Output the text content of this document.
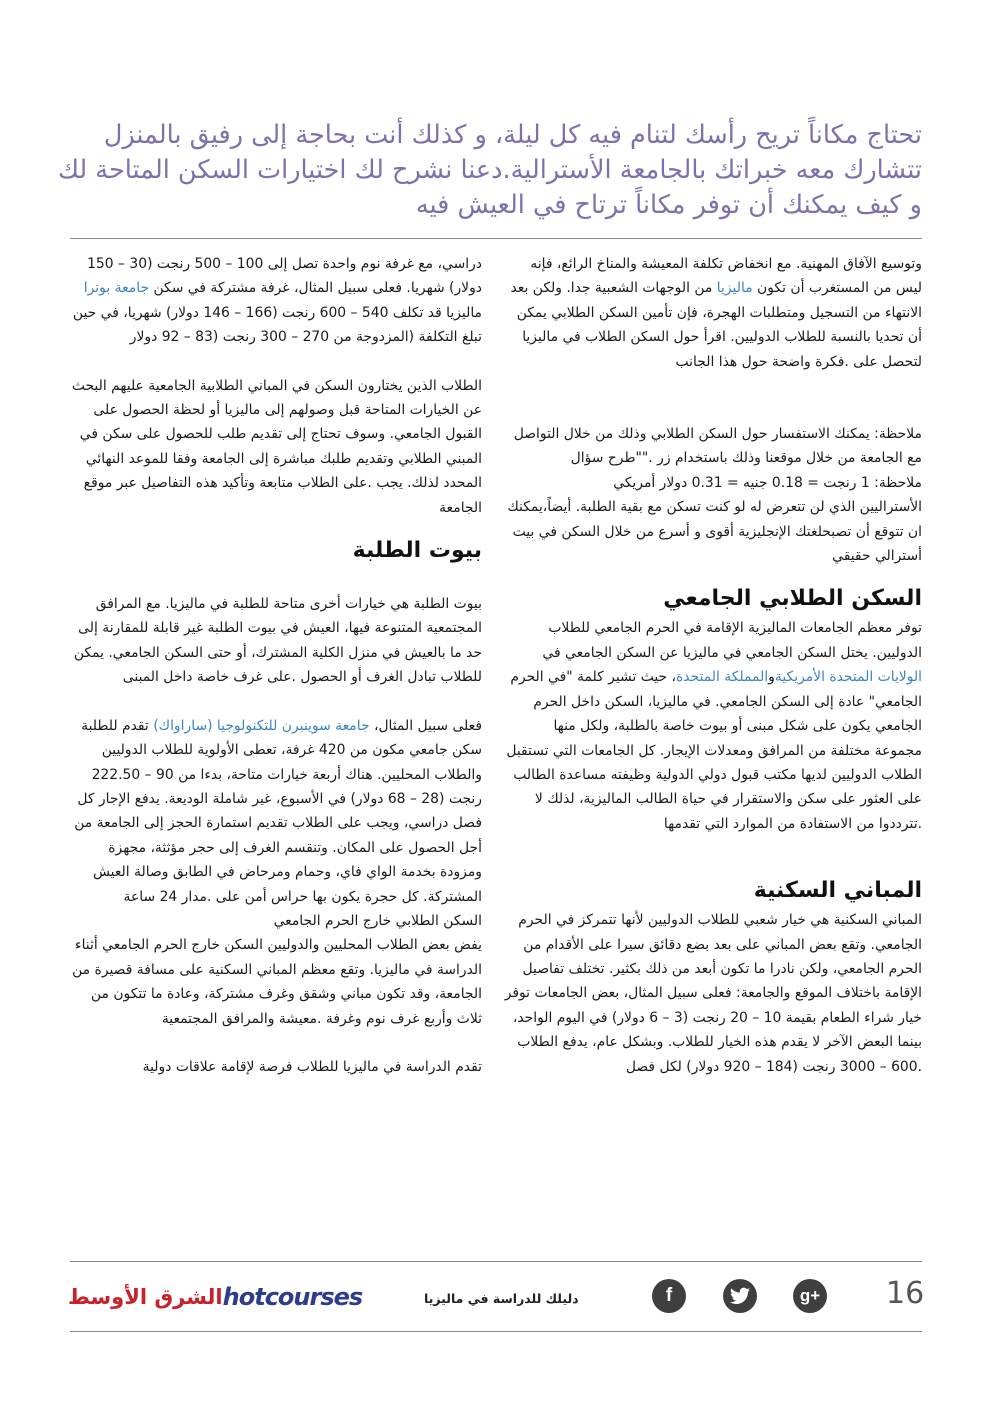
تحتاج مكاناً تريح رأسك لتنام فيه كل ليلة، و كذلك أنت بحاجة إلى رفيق بالمنزل

تتشارك معه خبراتك بالجامعة الأسترالية.دعنا نشرح لك اختيارات السكن المتاحة لك

و كيف يمكنك أن توفر مكاناً ترتاح في العيش فيه

وتوسيع الآفاق المهنية. مع انخفاض تكلفة المعيشة والمناخ الرائع، فإنه ليس من المستغرب أن تكون ماليزيا من الوجهات الشعبية جدا. ولكن بعد الانتهاء من التسجيل ومتطلبات الهجرة، فإن تأمين السكن الطلابي يمكن أن تحديا بالنسبة للطلاب الدوليين. اقرأ حول السكن الطلاب في ماليزيا لتحصل على .فكرة واضحة حول هذا الجانب

ملاحظة: يمكنك الاستفسار حول السكن الطلابي وذلك من خلال التواصل مع الجامعة من خلال موقعنا وذلك باستخدام زر .""طرح سؤال

ملاحظة: 1 رنجت = 0.18 جنيه = 0.31 دولار أمريكي

الأستراليين الذي لن تتعرض له لو كنت تسكن مع بقية الطلبة. أيضاً،يمكنك ان تتوقع أن تصبحلغتك الإنجليزية أقوى و أسرع من خلال السكن في بيت أسترالي حقيقي

السكن الطلابي الجامعي

توفر معظم الجامعات الماليزية الإقامة في الحرم الجامعي للطلاب الدوليين. يختل السكن الجامعي في ماليزيا عن السكن الجامعي في الولايات المتحدة الأمريكيةوالمملكة المتحدة، حيث تشير كلمة "في الحرم الجامعي" عادة إلى السكن الجامعي. في ماليزيا، السكن داخل الحرم الجامعي يكون على شكل مبنى أو بيوت خاصة بالطلبة، ولكل منها مجموعة مختلفة من المرافق ومعدلات الإيجار. كل الجامعات التي تستقبل الطلاب الدوليين لديها مكتب قبول دولي الدولية وظيفته مساعدة الطالب على العثور على سكن والاستقرار في حياة الطالب الماليزية، لذلك لا .تترددوا من الاستفادة من الموارد التي تقدمها

المباني السكنية

المباني السكنية هي خيار شعبي للطلاب الدوليين لأنها تتمركز في الحرم الجامعي. وتقع بعض المباني على بعد بضع دقائق سيرا على الأقدام من الحرم الجامعي، ولكن نادرا ما تكون أبعد من ذلك بكثير. تختلف تفاصيل الإقامة باختلاف الموقع والجامعة: فعلى سبيل المثال، بعض الجامعات توفر خيار شراء الطعام بقيمة 10 – 20 رنجت (3 – 6 دولار) في اليوم الواحد، بينما البعض الآخر لا يقدم هذه الخيار للطلاب. وبشكل عام، يدفع الطلاب .600 – 3000 رنجت (184 – 920 دولار) لكل فصل

دراسي، مع غرفة نوم واحدة تصل إلى 100 – 500 رنجت (30 – 150 دولار) شهريا. فعلى سبيل المثال، غرفة مشتركة في سكن جامعة بوترا ماليزيا قد تكلف 540 – 600 رنجت (166 – 146 دولار) شهريا، في حين تبلغ التكلفة (المزدوجة من 270 – 300 رنجت (83 – 92 دولار

الطلاب الذين يختارون السكن في المباني الطلابية الجامعية عليهم البحث عن الخيارات المتاحة قبل وصولهم إلى ماليزيا أو لحظة الحصول على القبول الجامعي. وسوف تحتاج إلى تقديم طلب للحصول على سكن في المبني الطلابي وتقديم طلبك مباشرة إلى الجامعة وفقا للموعد النهائي المحدد لذلك. يجب .على الطلاب متابعة وتأكيد هذه التفاصيل عبر موقع الجامعة

بيوت الطلبة

بيوت الطلبة هي خيارات أخرى متاحة للطلبة في ماليزيا. مع المرافق المجتمعية المتنوعة فيها، العيش في بيوت الطلبة غير قابلة للمقارنة إلى حد ما بالعيش في منزل الكلية المشترك، أو حتى السكن الجامعي. يمكن للطلاب تبادل الغرف أو الحصول .على غرف خاصة داخل المبنى

فعلى سبيل المثال، جامعة سوينبرن للتكنولوجيا (ساراواك) تقدم للطلبة سكن جامعي مكون من 420 غرفة، تعطى الأولوية للطلاب الدوليين والطلاب المحليين. هناك أربعة خيارات متاحة، بدءا من 90 – 222.50 رنجت (28 – 68 دولار) في الأسبوع، غير شاملة الوديعة. يدفع الإجار كل فصل دراسي، ويجب على الطلاب تقديم استمارة الحجز إلى الجامعة من أجل الحصول على المكان. وتنقسم الغرف إلى حجر مؤثثة، مجهزة ومزودة بخدمة الواي فاي، وحمام ومرحاض في الطابق وصالة العيش المشتركة. كل حجرة يكون بها حراس أمن على .مدار 24 ساعة

السكن الطلابي خارج الحرم الجامعي

يفض بعض الطلاب المحليين والدوليين السكن خارج الحرم الجامعي أثناء الدراسة في ماليزيا. وتقع معظم المباني السكنية على مسافة قصيرة من الجامعة، وقد تكون مباني وشقق وغرف مشتركة، وعادة ما تتكون من ثلاث وأربع غرف نوم وغرفة .معيشة والمرافق المجتمعية

تقدم الدراسة في ماليزيا للطلاب فرصة لإقامة علاقات دولية

الشرق الأوسطhotcourses	دليلك للدراسة في ماليزيا	f	g+ 16
